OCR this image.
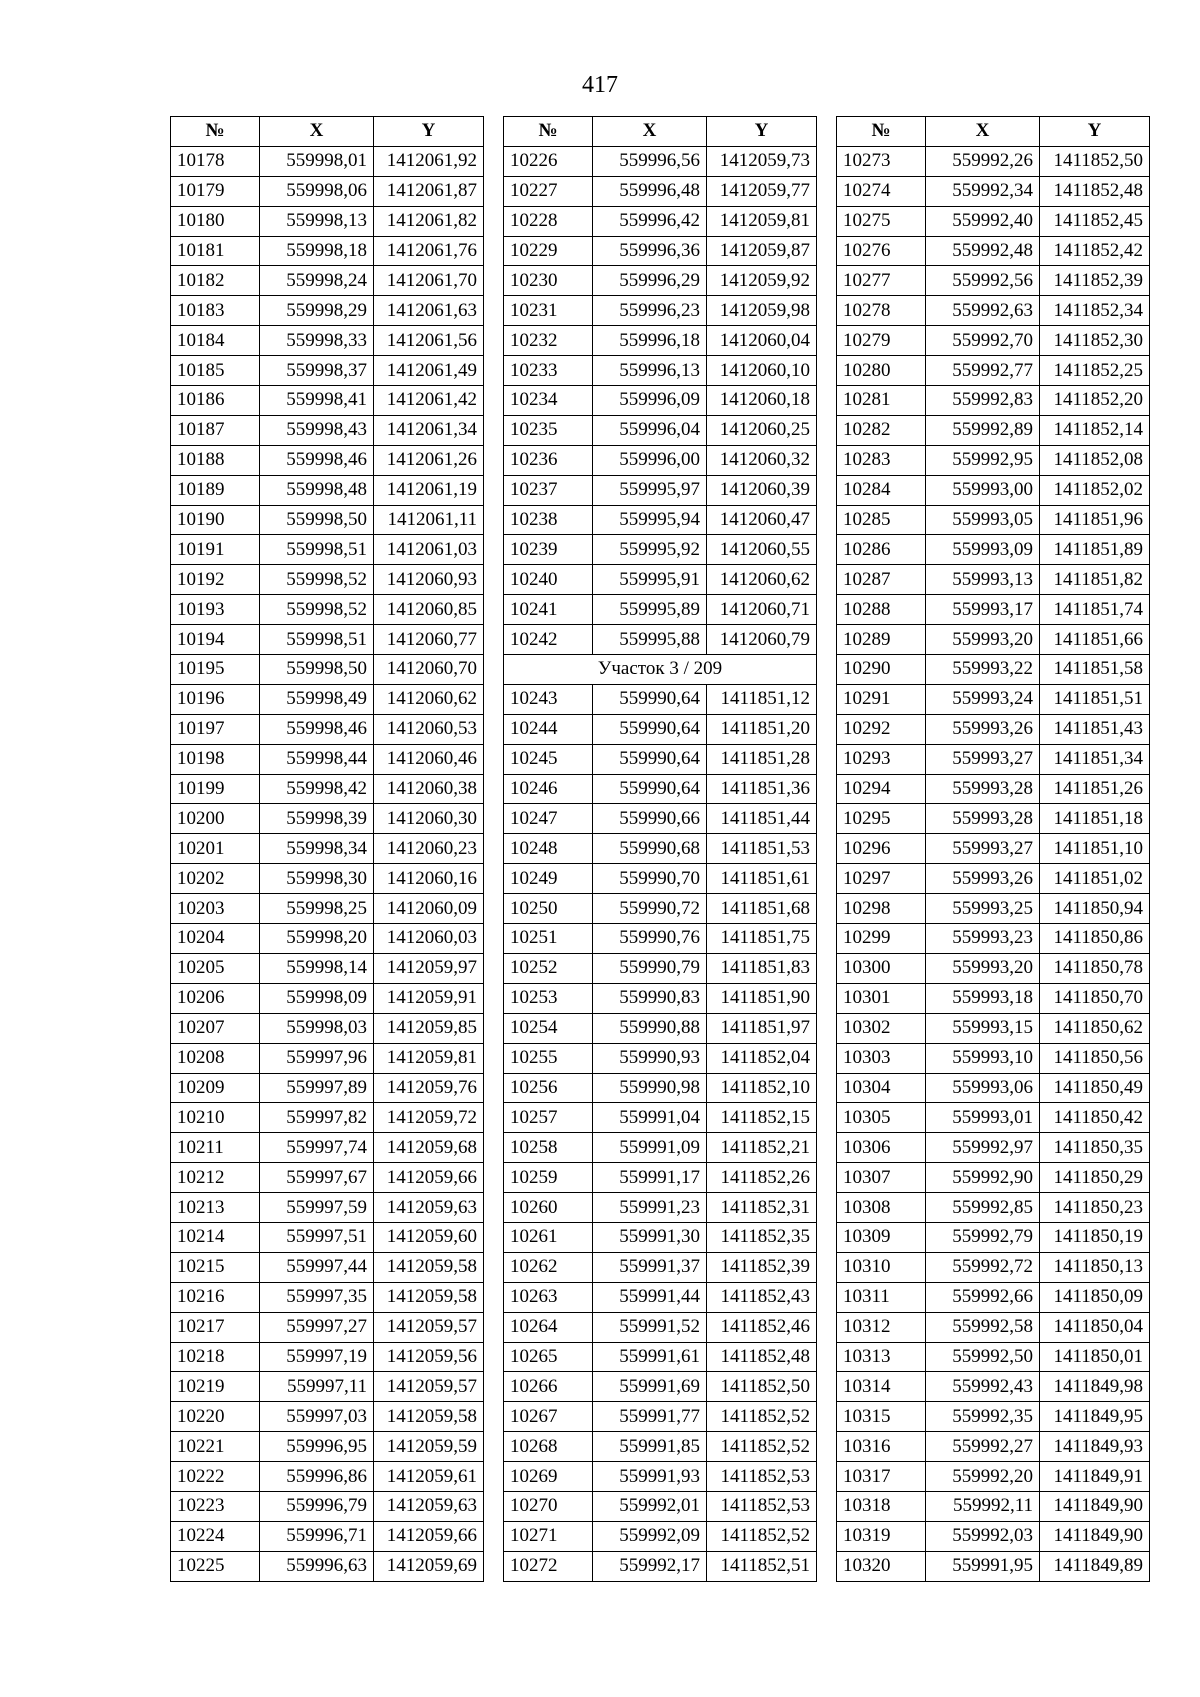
417
№	X	Y
10178	559998,01	1412061,92
10179	559998,06	1412061,87
10180	559998,13	1412061,82
10181	559998,18	1412061,76
10182	559998,24	1412061,70
10183	559998,29	1412061,63
10184	559998,33	1412061,56
10185	559998,37	1412061,49
10186	559998,41	1412061,42
10187	559998,43	1412061,34
10188	559998,46	1412061,26
10189	559998,48	1412061,19
10190	559998,50	1412061,11
10191	559998,51	1412061,03
10192	559998,52	1412060,93
10193	559998,52	1412060,85
10194	559998,51	1412060,77
10195	559998,50	1412060,70
10196	559998,49	1412060,62
10197	559998,46	1412060,53
10198	559998,44	1412060,46
10199	559998,42	1412060,38
10200	559998,39	1412060,30
10201	559998,34	1412060,23
10202	559998,30	1412060,16
10203	559998,25	1412060,09
10204	559998,20	1412060,03
10205	559998,14	1412059,97
10206	559998,09	1412059,91
10207	559998,03	1412059,85
10208	559997,96	1412059,81
10209	559997,89	1412059,76
10210	559997,82	1412059,72
10211	559997,74	1412059,68
10212	559997,67	1412059,66
10213	559997,59	1412059,63
10214	559997,51	1412059,60
10215	559997,44	1412059,58
10216	559997,35	1412059,58
10217	559997,27	1412059,57
10218	559997,19	1412059,56
10219	559997,11	1412059,57
10220	559997,03	1412059,58
10221	559996,95	1412059,59
10222	559996,86	1412059,61
10223	559996,79	1412059,63
10224	559996,71	1412059,66
10225	559996,63	1412059,69
№	X	Y
10226	559996,56	1412059,73
10227	559996,48	1412059,77
10228	559996,42	1412059,81
10229	559996,36	1412059,87
10230	559996,29	1412059,92
10231	559996,23	1412059,98
10232	559996,18	1412060,04
10233	559996,13	1412060,10
10234	559996,09	1412060,18
10235	559996,04	1412060,25
10236	559996,00	1412060,32
10237	559995,97	1412060,39
10238	559995,94	1412060,47
10239	559995,92	1412060,55
10240	559995,91	1412060,62
10241	559995,89	1412060,71
10242	559995,88	1412060,79
Участок 3 / 209		
10243	559990,64	1411851,12
10244	559990,64	1411851,20
10245	559990,64	1411851,28
10246	559990,64	1411851,36
10247	559990,66	1411851,44
10248	559990,68	1411851,53
10249	559990,70	1411851,61
10250	559990,72	1411851,68
10251	559990,76	1411851,75
10252	559990,79	1411851,83
10253	559990,83	1411851,90
10254	559990,88	1411851,97
10255	559990,93	1411852,04
10256	559990,98	1411852,10
10257	559991,04	1411852,15
10258	559991,09	1411852,21
10259	559991,17	1411852,26
10260	559991,23	1411852,31
10261	559991,30	1411852,35
10262	559991,37	1411852,39
10263	559991,44	1411852,43
10264	559991,52	1411852,46
10265	559991,61	1411852,48
10266	559991,69	1411852,50
10267	559991,77	1411852,52
10268	559991,85	1411852,52
10269	559991,93	1411852,53
10270	559992,01	1411852,53
10271	559992,09	1411852,52
10272	559992,17	1411852,51
№	X	Y
10273	559992,26	1411852,50
10274	559992,34	1411852,48
10275	559992,40	1411852,45
10276	559992,48	1411852,42
10277	559992,56	1411852,39
10278	559992,63	1411852,34
10279	559992,70	1411852,30
10280	559992,77	1411852,25
10281	559992,83	1411852,20
10282	559992,89	1411852,14
10283	559992,95	1411852,08
10284	559993,00	1411852,02
10285	559993,05	1411851,96
10286	559993,09	1411851,89
10287	559993,13	1411851,82
10288	559993,17	1411851,74
10289	559993,20	1411851,66
10290	559993,22	1411851,58
10291	559993,24	1411851,51
10292	559993,26	1411851,43
10293	559993,27	1411851,34
10294	559993,28	1411851,26
10295	559993,28	1411851,18
10296	559993,27	1411851,10
10297	559993,26	1411851,02
10298	559993,25	1411850,94
10299	559993,23	1411850,86
10300	559993,20	1411850,78
10301	559993,18	1411850,70
10302	559993,15	1411850,62
10303	559993,10	1411850,56
10304	559993,06	1411850,49
10305	559993,01	1411850,42
10306	559992,97	1411850,35
10307	559992,90	1411850,29
10308	559992,85	1411850,23
10309	559992,79	1411850,19
10310	559992,72	1411850,13
10311	559992,66	1411850,09
10312	559992,58	1411850,04
10313	559992,50	1411850,01
10314	559992,43	1411849,98
10315	559992,35	1411849,95
10316	559992,27	1411849,93
10317	559992,20	1411849,91
10318	559992,11	1411849,90
10319	559992,03	1411849,90
10320	559991,95	1411849,89
